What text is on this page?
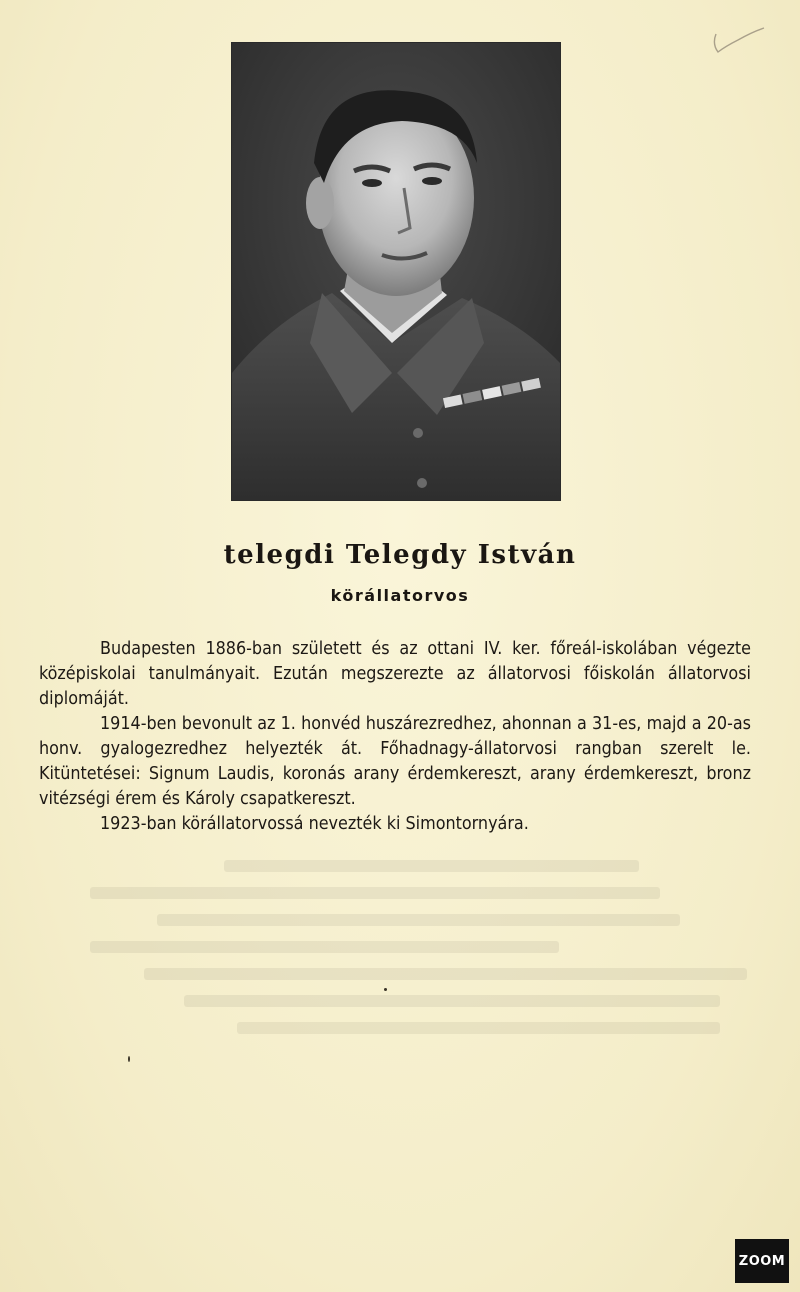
telegdi Telegdy István
körállatorvos

Budapesten 1886-ban született és az ottani IV. ker. főreál-iskolában végezte középiskolai tanulmányait. Ezután megszerezte az állatorvosi főiskolán állatorvosi diplomáját.

1914-ben bevonult az 1. honvéd huszárezredhez, ahonnan a 31-es, majd a 20-as honv. gyalogezredhez helyezték át. Főhadnagy-állatorvosi rangban szerelt le. Kitüntetései: Signum Laudis, koronás arany érdemkereszt, arany érdemkereszt, bronz vitézségi érem és Károly csapatkereszt.

1923-ban körállatorvossá nevezték ki Simontornyára.

ZOOM
